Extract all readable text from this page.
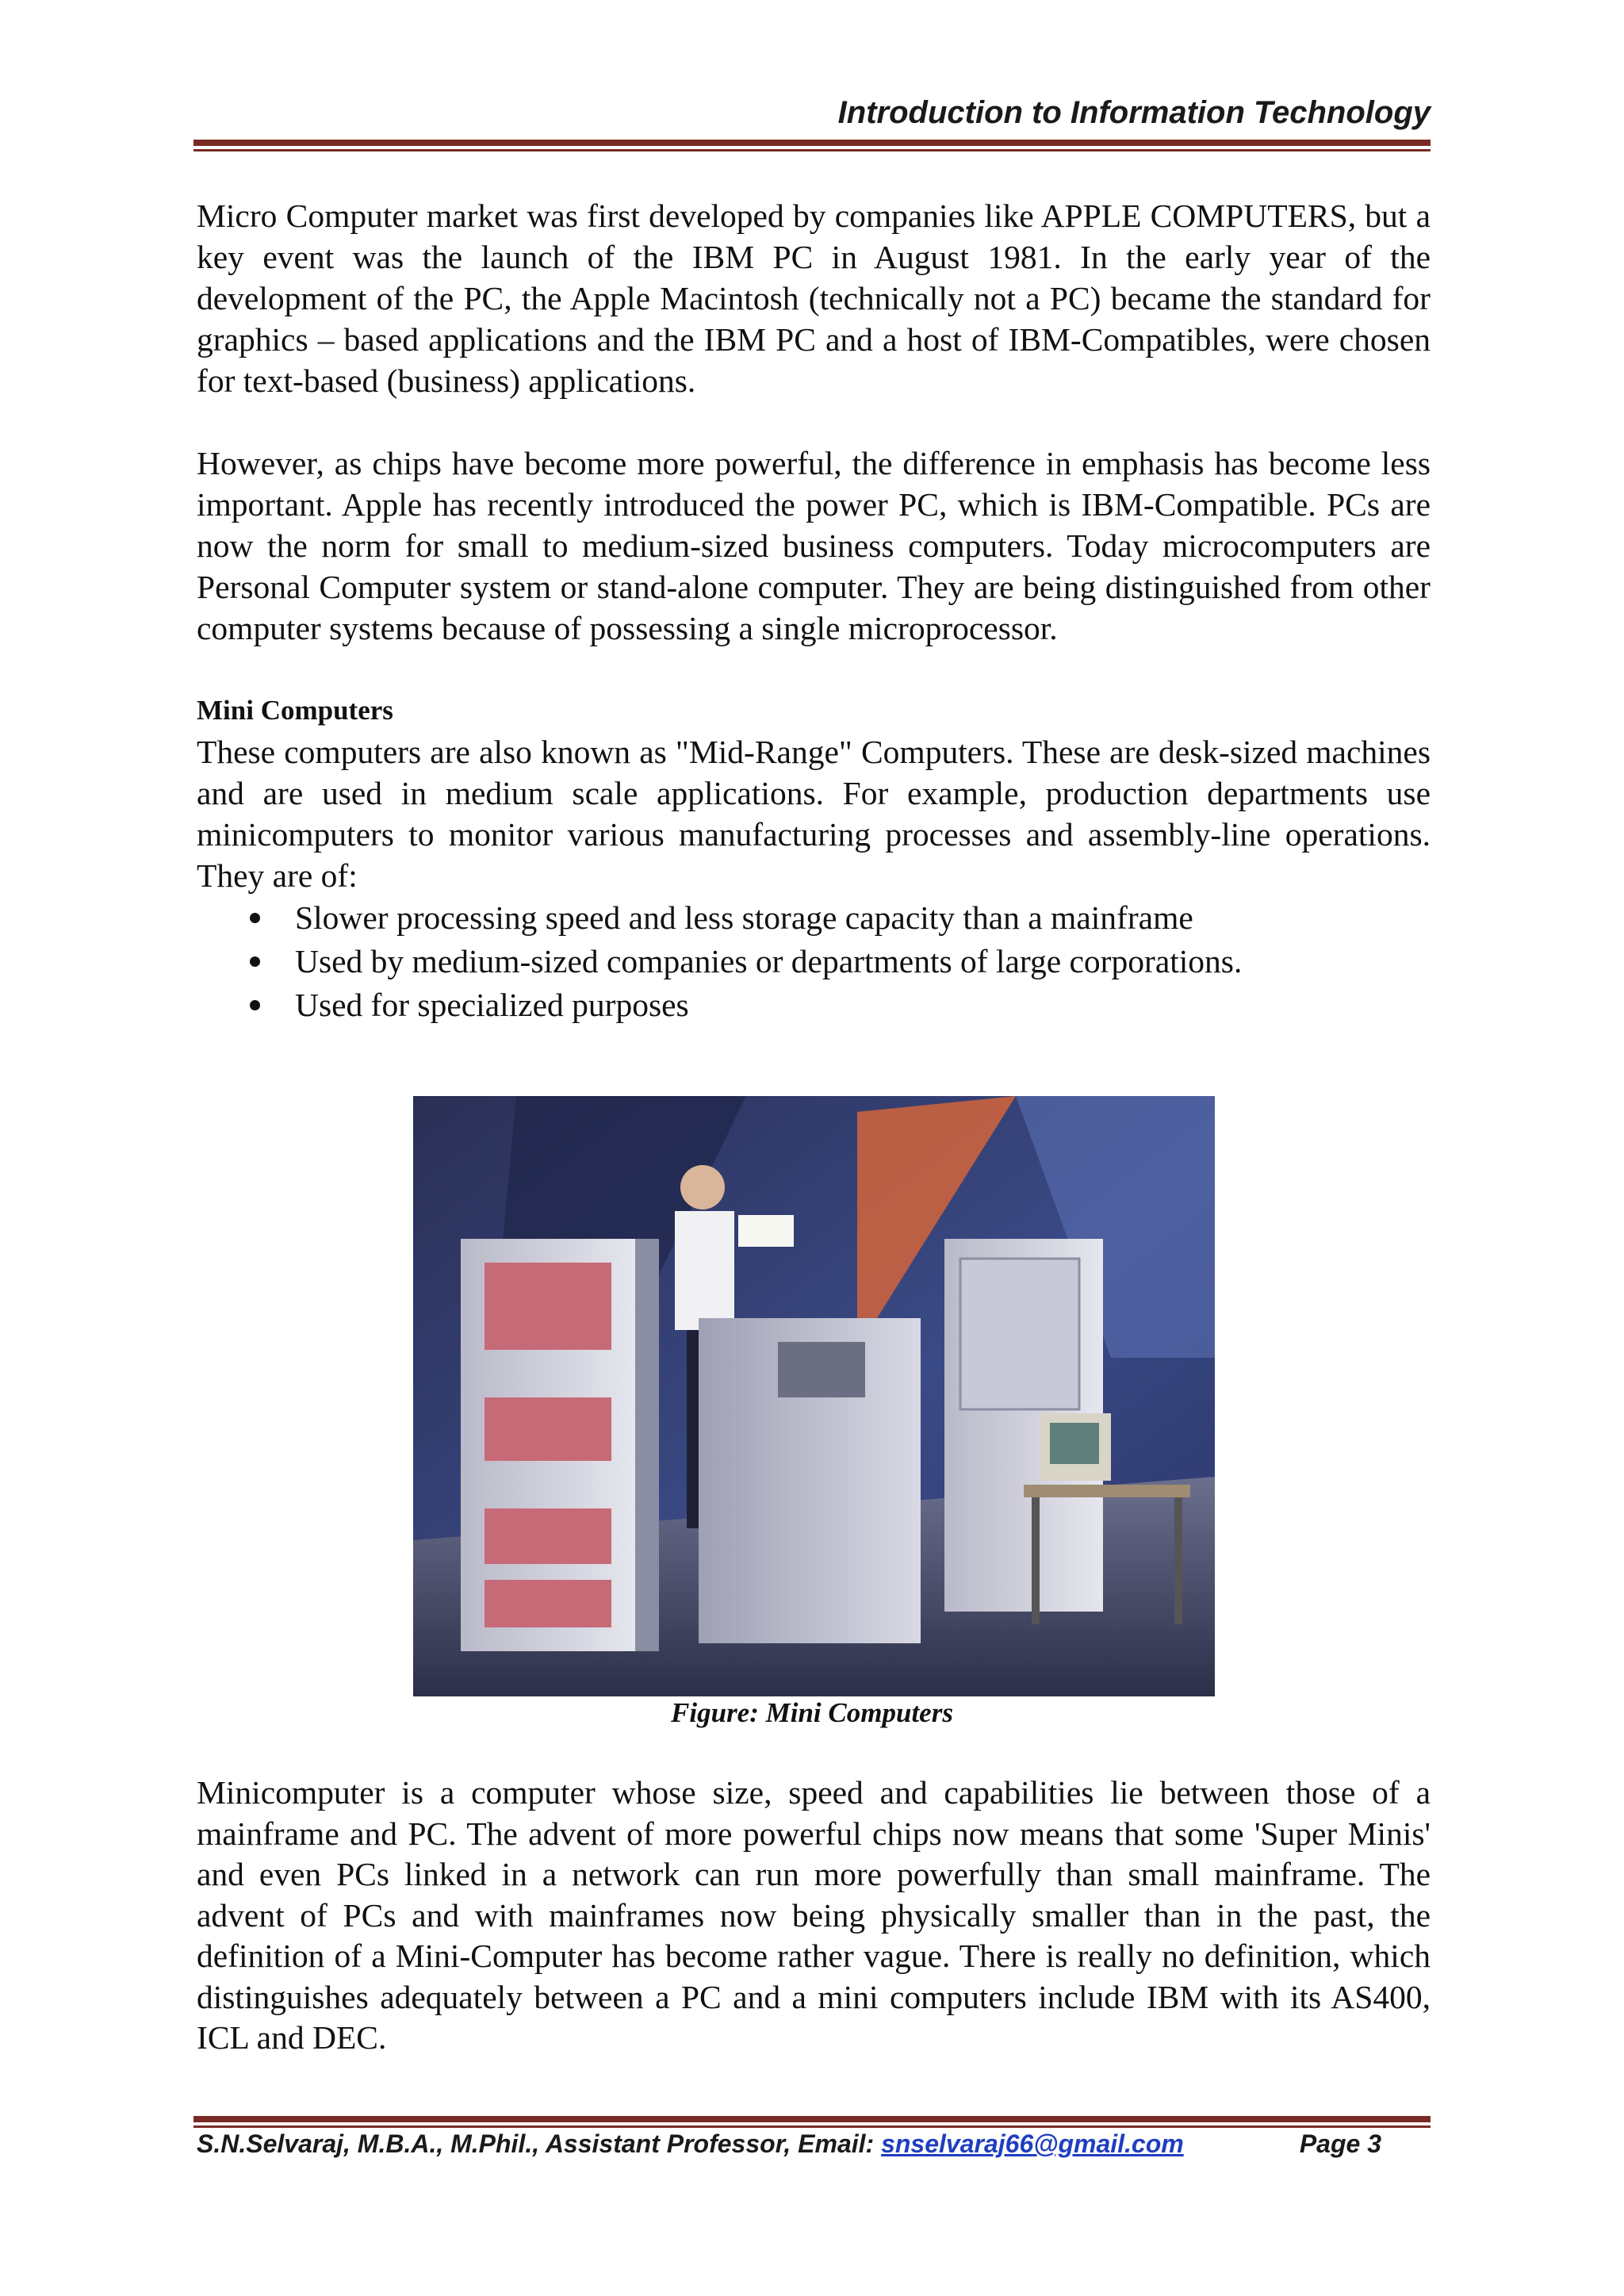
Introduction to Information Technology

Micro Computer market was first developed by companies like APPLE COMPUTERS, but a key event was the launch of the IBM PC in August 1981. In the early year of the development of the PC, the Apple Macintosh (technically not a PC) became the standard for graphics – based applications and the IBM PC and a host of IBM-Compatibles, were chosen for text-based (business) applications.

However, as chips have become more powerful, the difference in emphasis has become less important. Apple has recently introduced the power PC, which is IBM-Compatible. PCs are now the norm for small to medium-sized business computers. Today microcomputers are Personal Computer system or stand-alone computer. They are being distinguished from other computer systems because of possessing a single microprocessor.

Mini Computers

These computers are also known as "Mid-Range" Computers. These are desk-sized machines and are used in medium scale applications. For example, production departments use minicomputers to monitor various manufacturing processes and assembly-line operations. They are of:

Slower processing speed and less storage capacity than a mainframe
Used by medium-sized companies or departments of large corporations.
Used for specialized purposes
Figure: Mini Computers

Minicomputer is a computer whose size, speed and capabilities lie between those of a mainframe and PC. The advent of more powerful chips now means that some 'Super Minis' and even PCs linked in a network can run more powerfully than small mainframe. The advent of PCs and with mainframes now being physically smaller than in the past, the definition of a Mini-Computer has become rather vague. There is really no definition, which distinguishes adequately between a PC and a mini computers include IBM with its AS400, ICL and DEC.

S.N.Selvaraj, M.B.A., M.Phil., Assistant Professor, Email: snselvaraj66@gmail.com	Page 3
